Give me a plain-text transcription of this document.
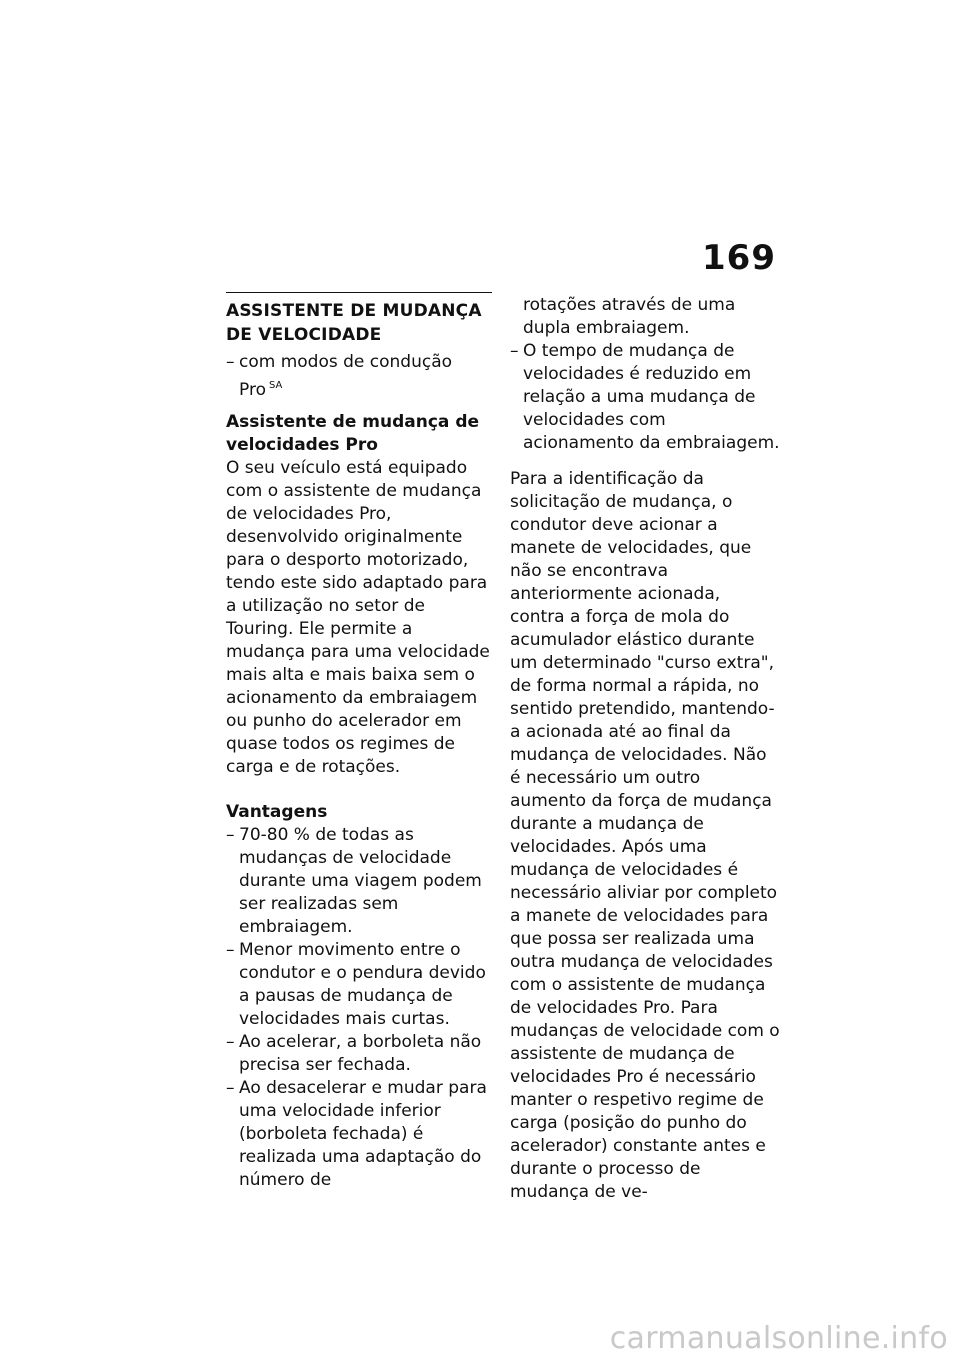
169
ASSISTENTE DE MUDANÇA DE VELOCIDADE
– com modos de condução Pro $^{SA}$

Assistente de mudança de velocidades Pro

O seu veículo está equipado com o assistente de mudança de velocidades Pro, desenvolvido originalmente para o desporto motorizado, tendo este sido adaptado para a utilização no setor de Touring. Ele permite a mudança para uma velocidade mais alta e mais baixa sem o acionamento da embraiagem ou punho do acelerador em quase todos os regimes de carga e de rotações.

Vantagens

– 70-80 % de todas as mudanças de velocidade durante uma viagem podem ser realizadas sem embraiagem.
– Menor movimento entre o condutor e o pendura devido a pausas de mudança de velocidades mais curtas.
– Ao acelerar, a borboleta não precisa ser fechada.
– Ao desacelerar e mudar para uma velocidade inferior (borboleta fechada) é realizada uma adaptação do número de

rotações através de uma dupla embraiagem.

– O tempo de mudança de velocidades é reduzido em relação a uma mudança de velocidades com acionamento da embraiagem.

Para a identificação da solicitação de mudança, o condutor deve acionar a manete de velocidades, que não se encontrava anteriormente acionada, contra a força de mola do acumulador elástico durante um determinado "curso extra", de forma normal a rápida, no sentido pretendido, mantendo-a acionada até ao final da mudança de velocidades. Não é necessário um outro aumento da força de mudança durante a mudança de velocidades. Após uma mudança de velocidades é necessário aliviar por completo a manete de velocidades para que possa ser realizada uma outra mudança de velocidades com o assistente de mudança de velocidades Pro. Para mudanças de velocidade com o assistente de mudança de velocidades Pro é necessário manter o respetivo regime de carga (posição do punho do acelerador) constante antes e durante o processo de mudança de ve-

carmanualsonline.info
